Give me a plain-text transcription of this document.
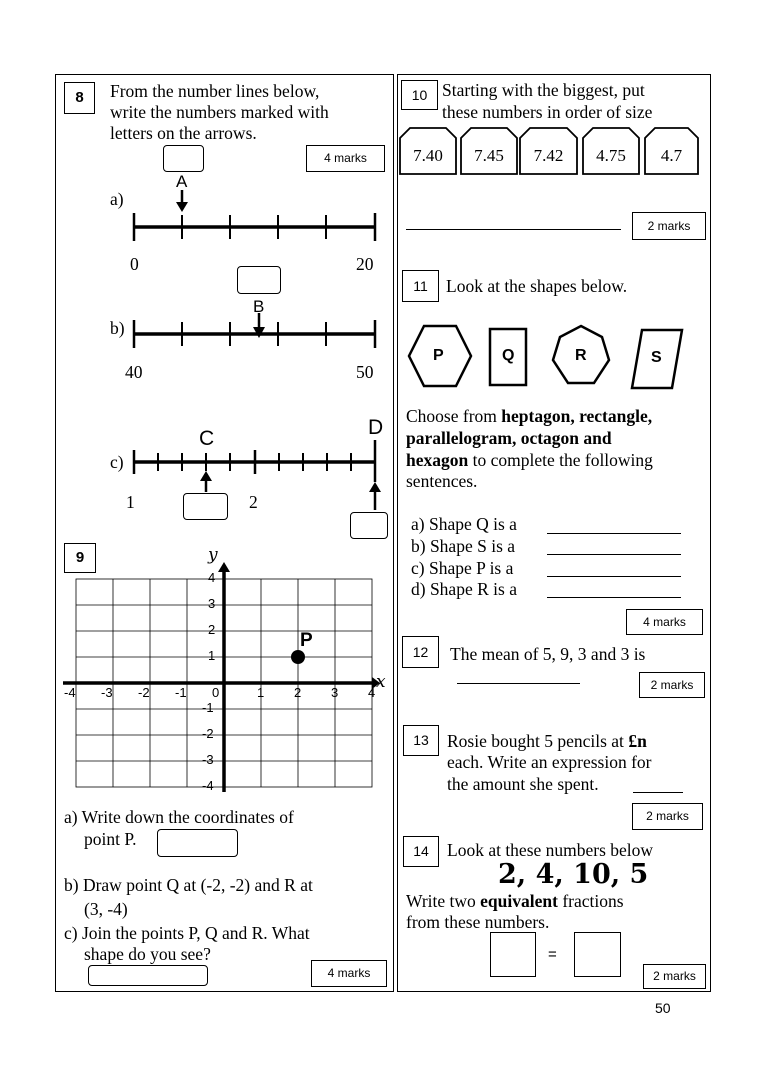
8	From the number lines below,
write the numbers marked with
letters on the arrows.
4 marks
A
a)
0	20
B
b)
40	50
C	D
c)
1	2
9	y
x
-4 -3 -2 -1 0	1 2 3 4
4
3
2
1
-1
-2
-3
-4
P
a) Write down the coordinates of
point P.
b) Draw point Q at (-2, -2) and R at
(3, -4)
c) Join the points P, Q and R. What
shape do you see?
4 marks
10 Starting with the biggest, put
these numbers in order of size
7.40	7.45	7.42	4.75	4.7
2 marks
11	Look at the shapes below.
P	Q	R	S
Choose from heptagon, rectangle,
parallelogram, octagon and
hexagon to complete the following
sentences.
a) Shape Q is a
b) Shape S is a
c) Shape P is a
d) Shape R is a
4 marks
12	The mean of 5, 9, 3 and 3 is
2 marks
13	Rosie bought 5 pencils at £n
each. Write an expression for
the amount she spent.
2 marks
14	Look at these numbers below
2, 4, 10, 5
Write two equivalent fractions
from these numbers.
=
2 marks
50
